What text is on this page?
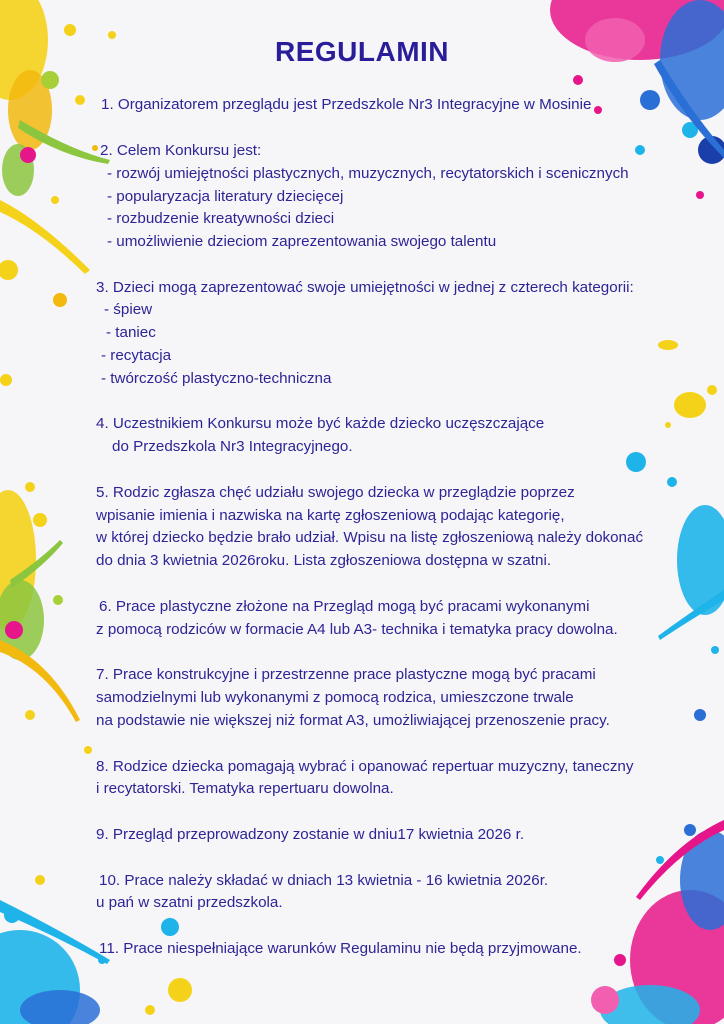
REGULAMIN
1. Organizatorem przeglądu jest Przedszkole Nr3 Integracyjne w Mosinie
2. Celem Konkursu jest:
- rozwój umiejętności plastycznych, muzycznych, recytatorskich i scenicznych
- popularyzacja literatury dziecięcej
- rozbudzenie kreatywności dzieci
- umożliwienie dzieciom zaprezentowania swojego talentu
3. Dzieci mogą zaprezentować swoje umiejętności w jednej z czterech kategorii:
- śpiew
- taniec
- recytacja
- twórczość plastyczno-techniczna
4. Uczestnikiem Konkursu może być każde dziecko uczęszczające
do Przedszkola Nr3 Integracyjnego.
5. Rodzic zgłasza chęć udziału swojego dziecka w przeglądzie poprzez
wpisanie imienia i nazwiska na kartę zgłoszeniową podając kategorię,
w której dziecko będzie brało udział. Wpisu na listę zgłoszeniową należy dokonać
do dnia 3 kwietnia 2026roku. Lista zgłoszeniowa dostępna w szatni.
6. Prace plastyczne złożone na Przegląd mogą być pracami wykonanymi
z pomocą rodziców w formacie A4 lub A3- technika i tematyka pracy dowolna.
7. Prace konstrukcyjne i przestrzenne prace plastyczne mogą być pracami
samodzielnymi lub wykonanymi z pomocą rodzica, umieszczone trwale
na podstawie nie większej niż format A3, umożliwiającej przenoszenie pracy.
8. Rodzice dziecka pomagają wybrać i opanować repertuar muzyczny, taneczny
i recytatorski. Tematyka repertuaru dowolna.
9. Przegląd przeprowadzony zostanie w dniu17 kwietnia 2026 r.
10. Prace należy składać w dniach 13 kwietnia - 16 kwietnia 2026r.
u pań w szatni przedszkola.
11. Prace niespełniające warunków Regulaminu nie będą przyjmowane.
